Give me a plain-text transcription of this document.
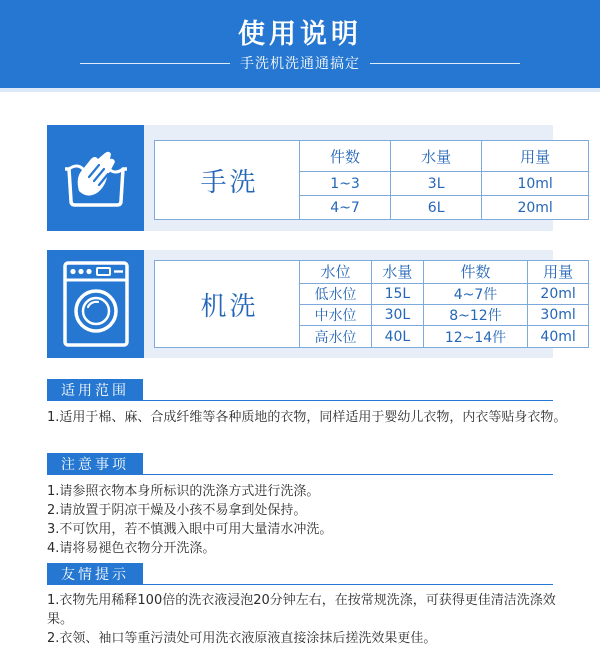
使用说明
手洗机洗通通搞定
手洗
件数	水量	用量
1~3	3L	10ml
4~7	6L	20ml
机洗
水位	水量	件数	用量
低水位	15L	4~7件	20ml
中水位	30L	8~12件	30ml
高水位	40L	12~14件	40ml
适用范围

1.适用于棉、麻、合成纤维等各种质地的衣物，同样适用于婴幼儿衣物，内衣等贴身衣物。

注意事项

1.请参照衣物本身所标识的洗涤方式进行洗涤。

2.请放置于阴凉干燥及小孩不易拿到处保持。

3.不可饮用，若不慎溅入眼中可用大量清水冲洗。

4.请将易褪色衣物分开洗涤。

友情提示

1.衣物先用稀释100倍的洗衣液浸泡20分钟左右，在按常规洗涤，可获得更佳清洁洗涤效果。

2.衣领、袖口等重污渍处可用洗衣液原液直接涂抹后搓洗效果更佳。
